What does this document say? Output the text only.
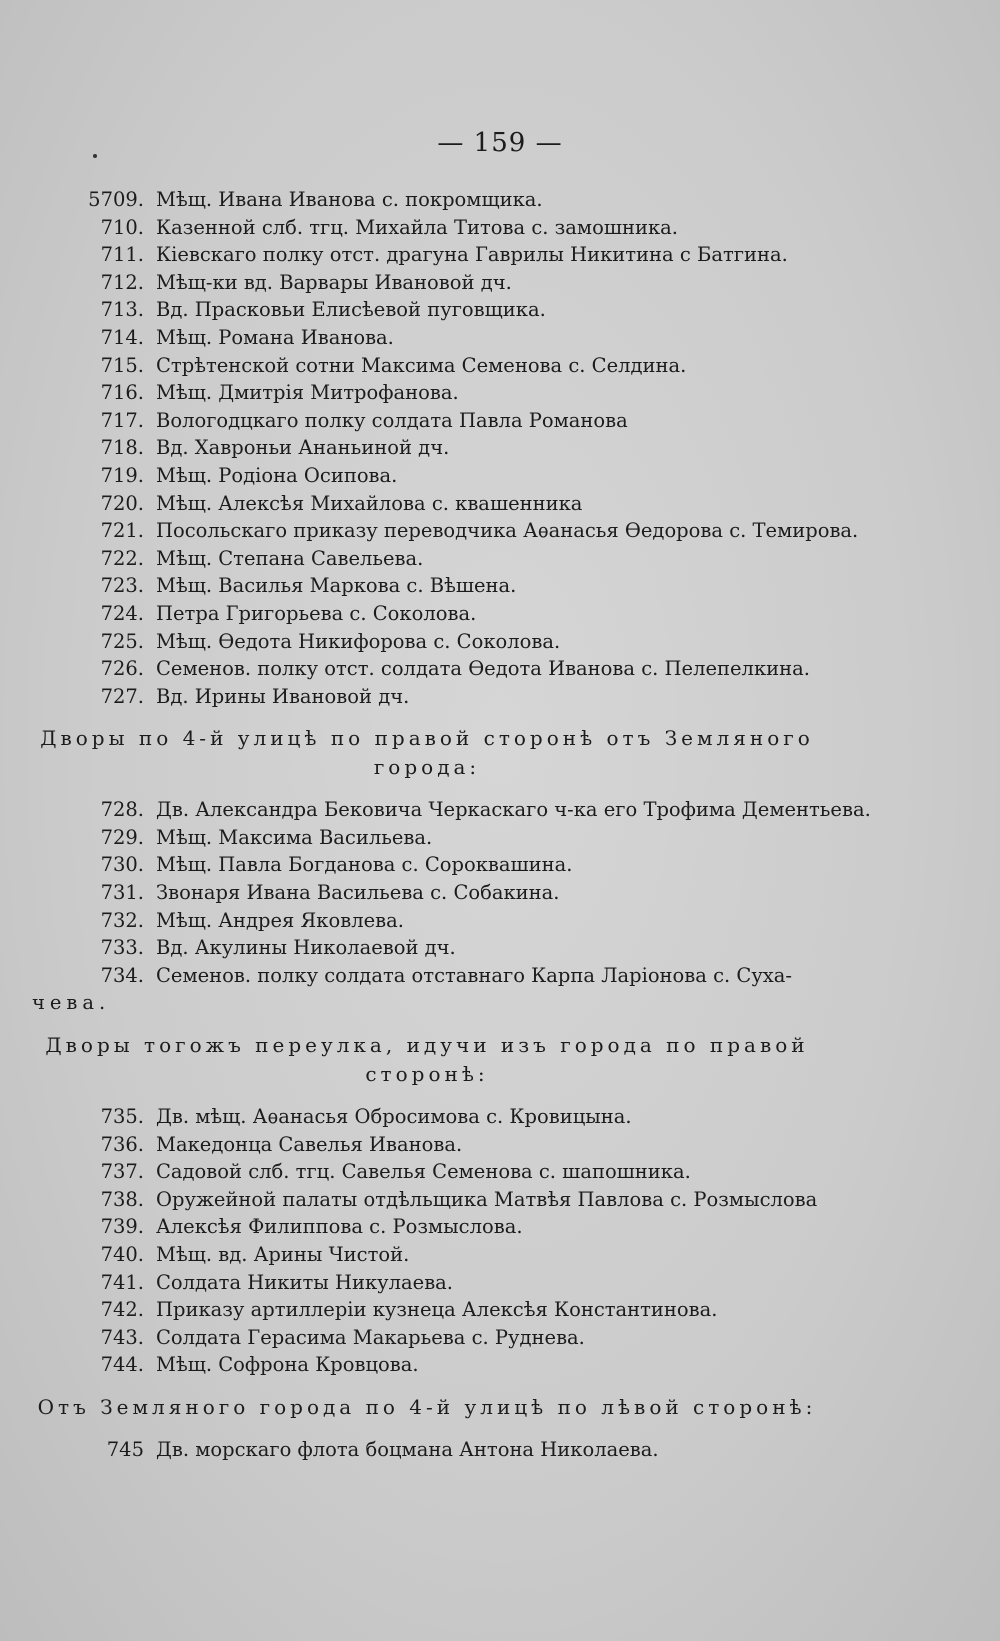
— 159 —
5709. Мѣщ. Ивана Иванова с. покромщика.
710. Казенной слб. тгц. Михайла Титова с. замошника.
711. Кіевскаго полку отст. драгуна Гаврилы Никитина с Батгина.
712. Мѣщ-ки вд. Варвары Ивановой дч.
713. Вд. Прасковьи Елисѣевой пуговщика.
714. Мѣщ. Романа Иванова.
715. Стрѣтенской сотни Максима Семенова с. Селдина.
716. Мѣщ. Дмитрія Митрофанова.
717. Вологодцкаго полку солдата Павла Романова
718. Вд. Хавроньи Ананьиной дч.
719. Мѣщ. Родіона Осипова.
720. Мѣщ. Алексѣя Михайлова с. квашенника
721. Посольскаго приказу переводчика Аѳанасья Ѳедорова с. Темирова.
722. Мѣщ. Степана Савельева.
723. Мѣщ. Василья Маркова с. Вѣшена.
724. Петра Григорьева с. Соколова.
725. Мѣщ. Ѳедота Никифорова с. Соколова.
726. Семенов. полку отст. солдата Ѳедота Иванова с. Пелепелкина.
727. Вд. Ирины Ивановой дч.
Дворы по 4-й улицѣ по правой сторонѣ отъ Земляного
города:
728. Дв. Александра Бековича Черкаскаго ч-ка его Трофима Дементьева.
729. Мѣщ. Максима Васильева.
730. Мѣщ. Павла Богданова с. Сороквашина.
731. Звонаря Ивана Васильева с. Собакина.
732. Мѣщ. Андрея Яковлева.
733. Вд. Акулины Николаевой дч.
734. Семенов. полку солдата отставнаго Карпа Ларіонова с. Суха-
чева.
Дворы тогожъ переулка, идучи изъ города по правой
сторонѣ:
735. Дв. мѣщ. Аѳанасья Обросимова с. Кровицына.
736. Македонца Савелья Иванова.
737. Садовой слб. тгц. Савелья Семенова с. шапошника.
738. Оружейной палаты отдѣльщика Матвѣя Павлова с. Розмыслова
739. Алексѣя Филиппова с. Розмыслова.
740. Мѣщ. вд. Арины Чистой.
741. Солдата Никиты Никулаева.
742. Приказу артиллеріи кузнеца Алексѣя Константинова.
743. Солдата Герасима Макарьева с. Руднева.
744. Мѣщ. Софрона Кровцова.
Отъ Земляного города по 4-й улицѣ по лѣвой сторонѣ:
745 Дв. морскаго флота боцмана Антона Николаева.
